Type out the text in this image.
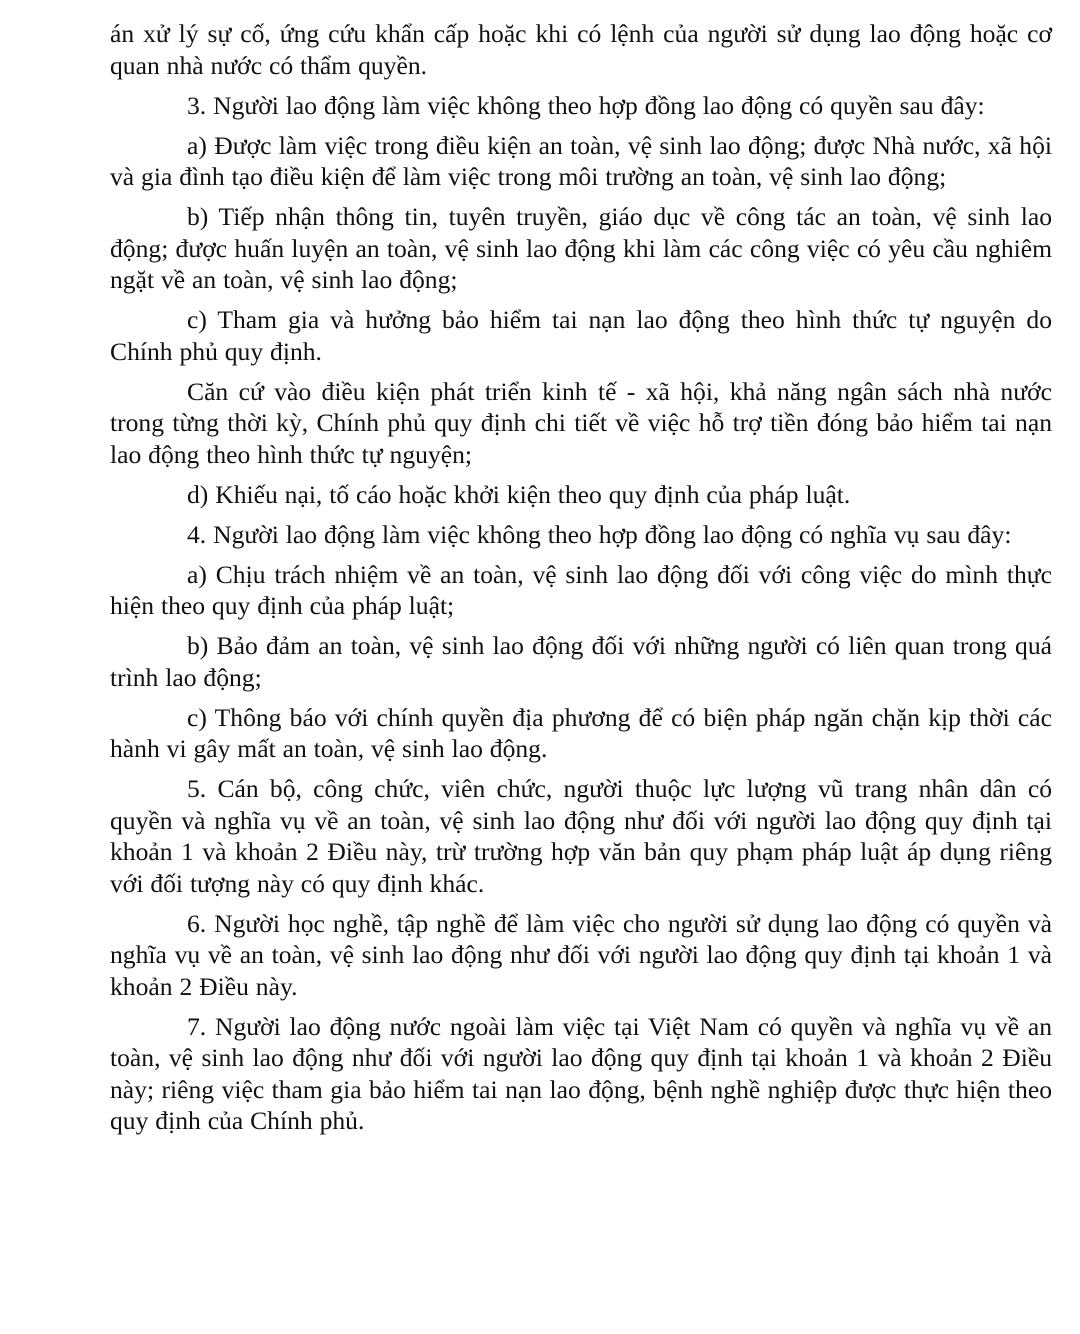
án xử lý sự cố, ứng cứu khẩn cấp hoặc khi có lệnh của người sử dụng lao động hoặc cơ quan nhà nước có thẩm quyền.

3. Người lao động làm việc không theo hợp đồng lao động có quyền sau đây:

a) Được làm việc trong điều kiện an toàn, vệ sinh lao động; được Nhà nước, xã hội và gia đình tạo điều kiện để làm việc trong môi trường an toàn, vệ sinh lao động;

b) Tiếp nhận thông tin, tuyên truyền, giáo dục về công tác an toàn, vệ sinh lao động; được huấn luyện an toàn, vệ sinh lao động khi làm các công việc có yêu cầu nghiêm ngặt về an toàn, vệ sinh lao động;

c) Tham gia và hưởng bảo hiểm tai nạn lao động theo hình thức tự nguyện do Chính phủ quy định.

Căn cứ vào điều kiện phát triển kinh tế - xã hội, khả năng ngân sách nhà nước trong từng thời kỳ, Chính phủ quy định chi tiết về việc hỗ trợ tiền đóng bảo hiểm tai nạn lao động theo hình thức tự nguyện;

d) Khiếu nại, tố cáo hoặc khởi kiện theo quy định của pháp luật.

4. Người lao động làm việc không theo hợp đồng lao động có nghĩa vụ sau đây:

a) Chịu trách nhiệm về an toàn, vệ sinh lao động đối với công việc do mình thực hiện theo quy định của pháp luật;

b) Bảo đảm an toàn, vệ sinh lao động đối với những người có liên quan trong quá trình lao động;

c) Thông báo với chính quyền địa phương để có biện pháp ngăn chặn kịp thời các hành vi gây mất an toàn, vệ sinh lao động.

5. Cán bộ, công chức, viên chức, người thuộc lực lượng vũ trang nhân dân có quyền và nghĩa vụ về an toàn, vệ sinh lao động như đối với người lao động quy định tại khoản 1 và khoản 2 Điều này, trừ trường hợp văn bản quy phạm pháp luật áp dụng riêng với đối tượng này có quy định khác.

6. Người học nghề, tập nghề để làm việc cho người sử dụng lao động có quyền và nghĩa vụ về an toàn, vệ sinh lao động như đối với người lao động quy định tại khoản 1 và khoản 2 Điều này.

7. Người lao động nước ngoài làm việc tại Việt Nam có quyền và nghĩa vụ về an toàn, vệ sinh lao động như đối với người lao động quy định tại khoản 1 và khoản 2 Điều này; riêng việc tham gia bảo hiểm tai nạn lao động, bệnh nghề nghiệp được thực hiện theo quy định của Chính phủ.
